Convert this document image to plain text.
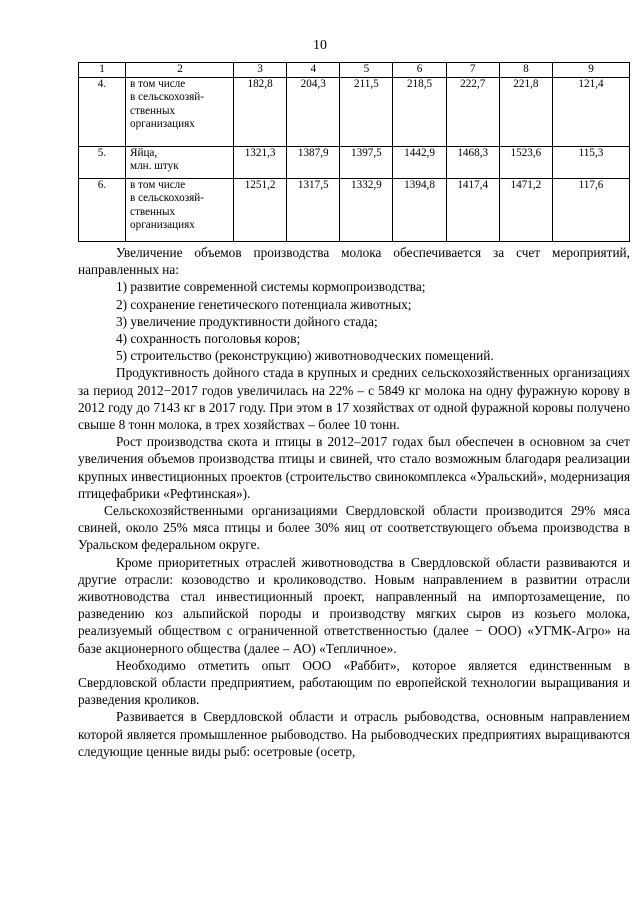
10
1	2	3	4	5	6	7	8	9
4.	в том числе
в сельскохозяй-
ственных
организациях	182,8	204,3	211,5	218,5	222,7	221,8	121,4
5.	Яйца,
млн. штук	1321,3	1387,9	1397,5	1442,9	1468,3	1523,6	115,3
6.	в том числе
в сельскохозяй-
ственных
организациях	1251,2	1317,5	1332,9	1394,8	1417,4	1471,2	117,6

Увеличение объемов производства молока обеспечивается за счет мероприятий, направленных на:

1) развитие современной системы кормопроизводства;

2) сохранение генетического потенциала животных;

3) увеличение продуктивности дойного стада;

4) сохранность поголовья коров;

5) строительство (реконструкцию) животноводческих помещений.

Продуктивность дойного стада в крупных и средних сельскохозяйственных организациях за период 2012−2017 годов увеличилась на 22% – с 5849 кг молока на одну фуражную корову в 2012 году до 7143 кг в 2017 году. При этом в 17 хозяйствах от одной фуражной коровы получено свыше 8 тонн молока, в трех хозяйствах – более 10 тонн.

Рост производства скота и птицы в 2012–2017 годах был обеспечен в основном за счет увеличения объемов производства птицы и свиней, что стало возможным благодаря реализации крупных инвестиционных проектов (строительство свинокомплекса «Уральский», модернизация птицефабрики «Рефтинская»).

Сельскохозяйственными организациями Свердловской области производится 29% мяса свиней, около 25% мяса птицы и более 30% яиц от соответствующего объема производства в Уральском федеральном округе.

Кроме приоритетных отраслей животноводства в Свердловской области развиваются и другие отрасли: козоводство и кролиководство. Новым направлением в развитии отрасли животноводства стал инвестиционный проект, направленный на импортозамещение, по разведению коз альпийской породы и производству мягких сыров из козьего молока, реализуемый обществом с ограниченной ответственностью (далее − ООО) «УГМК-Агро» на базе акционерного общества (далее – АО) «Тепличное».

Необходимо отметить опыт ООО «Раббит», которое является единственным в Свердловской области предприятием, работающим по европейской технологии выращивания и разведения кроликов.

Развивается в Свердловской области и отрасль рыбоводства, основным направлением которой является промышленное рыбоводство. На рыбоводческих предприятиях выращиваются следующие ценные виды рыб: осетровые (осетр,
